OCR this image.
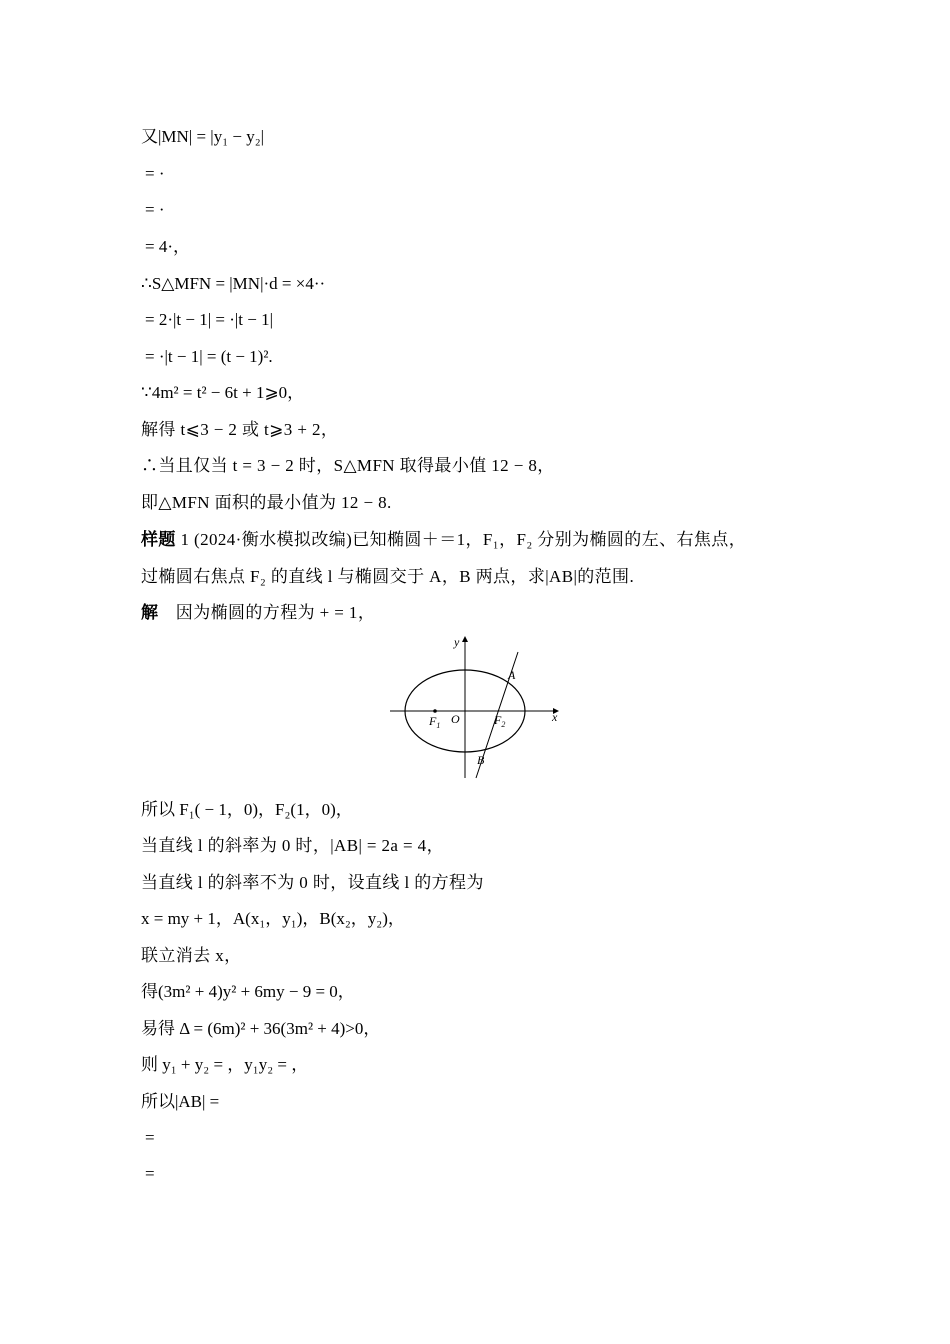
又|MN| = |y₁ − y₂|
= ·
= ·
= 4·，
∴S△MFN = |MN|·d = ×4··
= 2·|t − 1| = ·|t − 1|
= ·|t − 1| = (t − 1)².
∵4m² = t² − 6t + 1⩾0，
解得 t⩽3 − 2 或 t⩾3 + 2，
∴当且仅当 t = 3 − 2 时，S△MFN 取得最小值 12 − 8，
即△MFN 面积的最小值为 12 − 8.
样题 1 (2024·衡水模拟改编)已知椭圆＋＝1，F₁，F₂ 分别为椭圆的左、右焦点，
过椭圆右焦点 F₂ 的直线 l 与椭圆交于 A，B 两点，求|AB|的范围.
解　因为椭圆的方程为 + = 1，
x
y
$F_1$ O	$F_2$
A
B
所以 F₁( − 1，0)，F₂(1，0)，
当直线 l 的斜率为 0 时，|AB| = 2a = 4，
当直线 l 的斜率不为 0 时，设直线 l 的方程为
x = my + 1，A(x₁，y₁)，B(x₂，y₂)，
联立消去 x，
得(3m² + 4)y² + 6my − 9 = 0，
易得 Δ = (6m)² + 36(3m² + 4)>0，
则 y₁ + y₂ = ，y₁y₂ = ，
所以|AB| =
=
=
